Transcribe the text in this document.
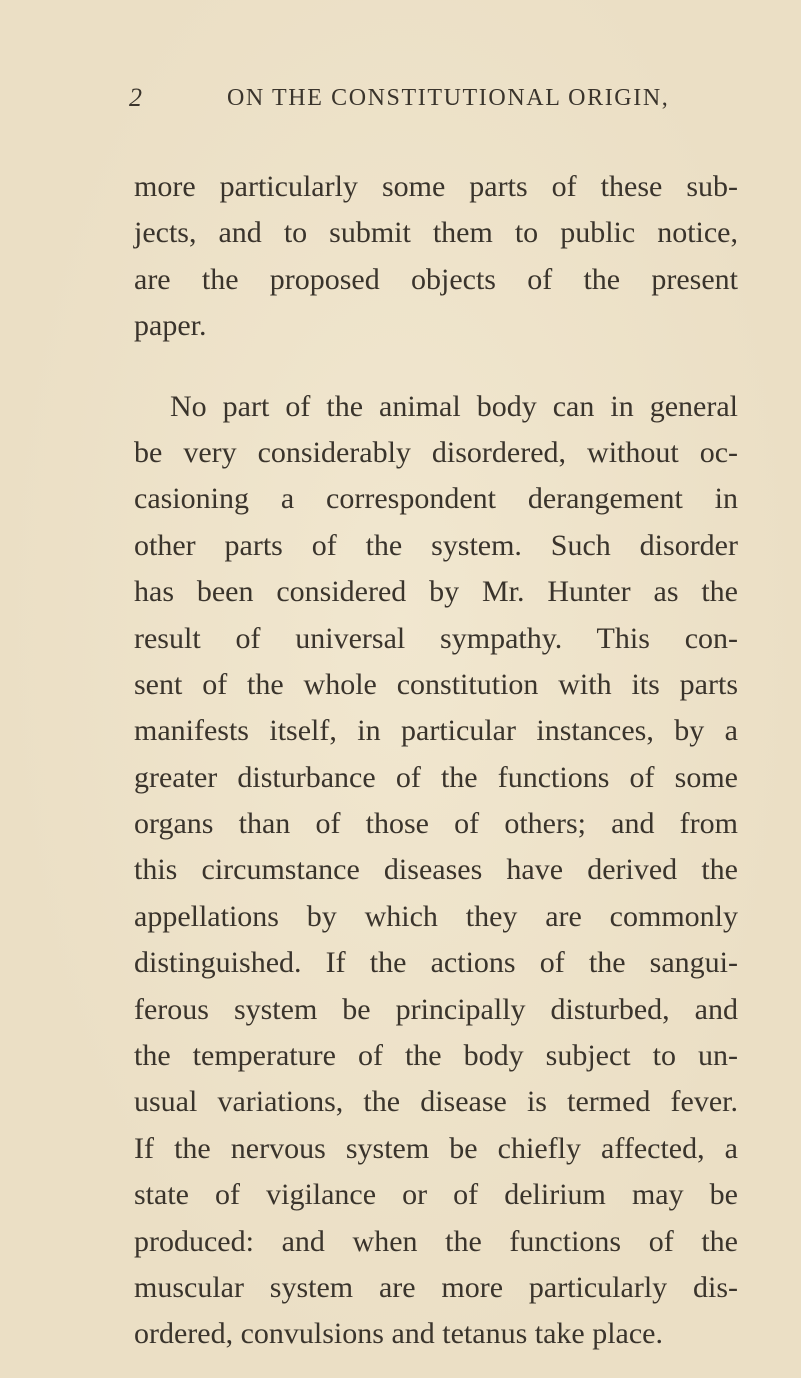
2	ON THE CONSTITUTIONAL ORIGIN,
more particularly some parts of these sub-
jects, and to submit them to public notice,
are the proposed objects of the present
paper.
No part of the animal body can in general
be very considerably disordered, without oc-
casioning a correspondent derangement in
other parts of the system. Such disorder
has been considered by Mr. Hunter as the
result of universal sympathy. This con-
sent of the whole constitution with its parts
manifests itself, in particular instances, by a
greater disturbance of the functions of some
organs than of those of others; and from
this circumstance diseases have derived the
appellations by which they are commonly
distinguished. If the actions of the sangui-
ferous system be principally disturbed, and
the temperature of the body subject to un-
usual variations, the disease is termed fever.
If the nervous system be chiefly affected, a
state of vigilance or of delirium may be
produced: and when the functions of the
muscular system are more particularly dis-
ordered, convulsions and tetanus take place.
